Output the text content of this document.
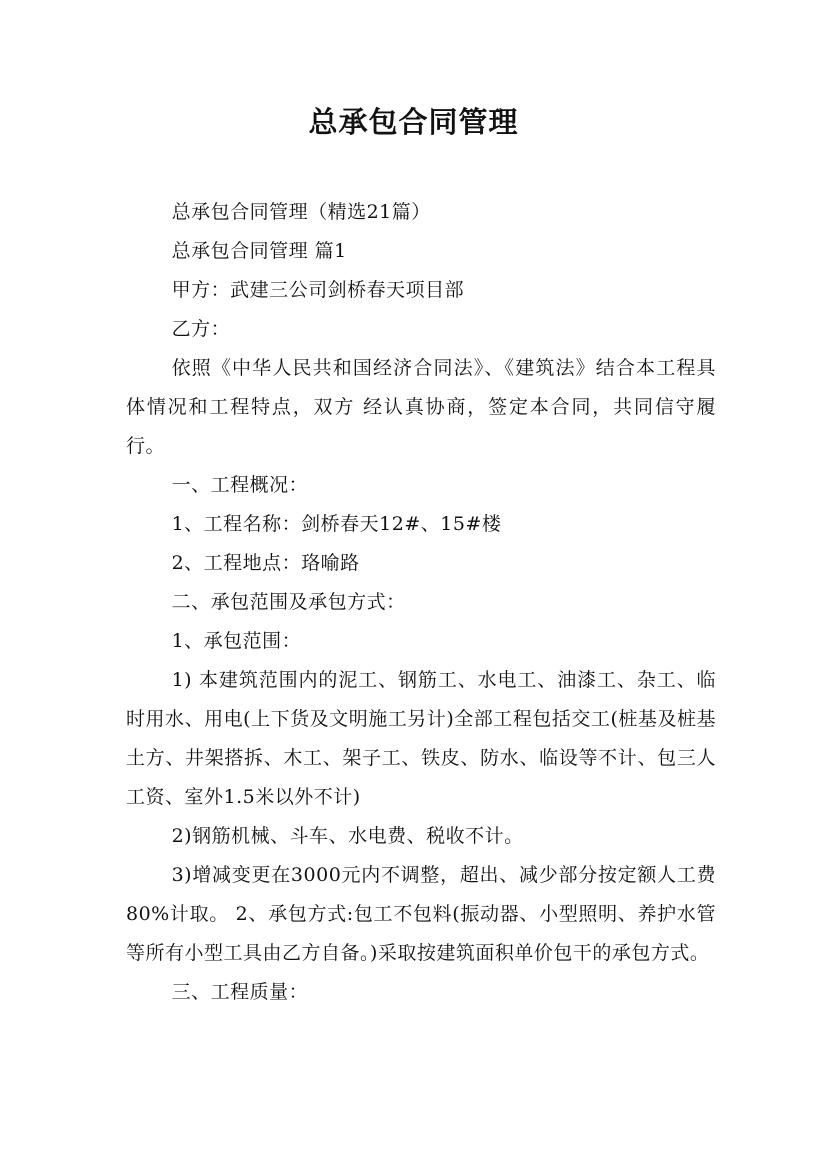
总承包合同管理

总承包合同管理（精选21篇）

总承包合同管理 篇1

甲方：武建三公司剑桥春天项目部

乙方：

依照《中华人民共和国经济合同法》、《建筑法》结合本工程具体情况和工程特点，双方 经认真协商，签定本合同，共同信守履行。

一、工程概况：

1、工程名称：剑桥春天12#、15#楼

2、工程地点：珞喻路

二、承包范围及承包方式：

1、承包范围：

1) 本建筑范围内的泥工、钢筋工、水电工、油漆工、杂工、临时用水、用电(上下货及文明施工另计)全部工程包括交工(桩基及桩基土方、井架搭拆、木工、架子工、铁皮、防水、临设等不计、包三人工资、室外1.5米以外不计)

2)钢筋机械、斗车、水电费、税收不计。

3)增减变更在3000元内不调整，超出、减少部分按定额人工费80%计取。 2、承包方式:包工不包料(振动器、小型照明、养护水管等所有小型工具由乙方自备。)采取按建筑面积单价包干的承包方式。

三、工程质量：
